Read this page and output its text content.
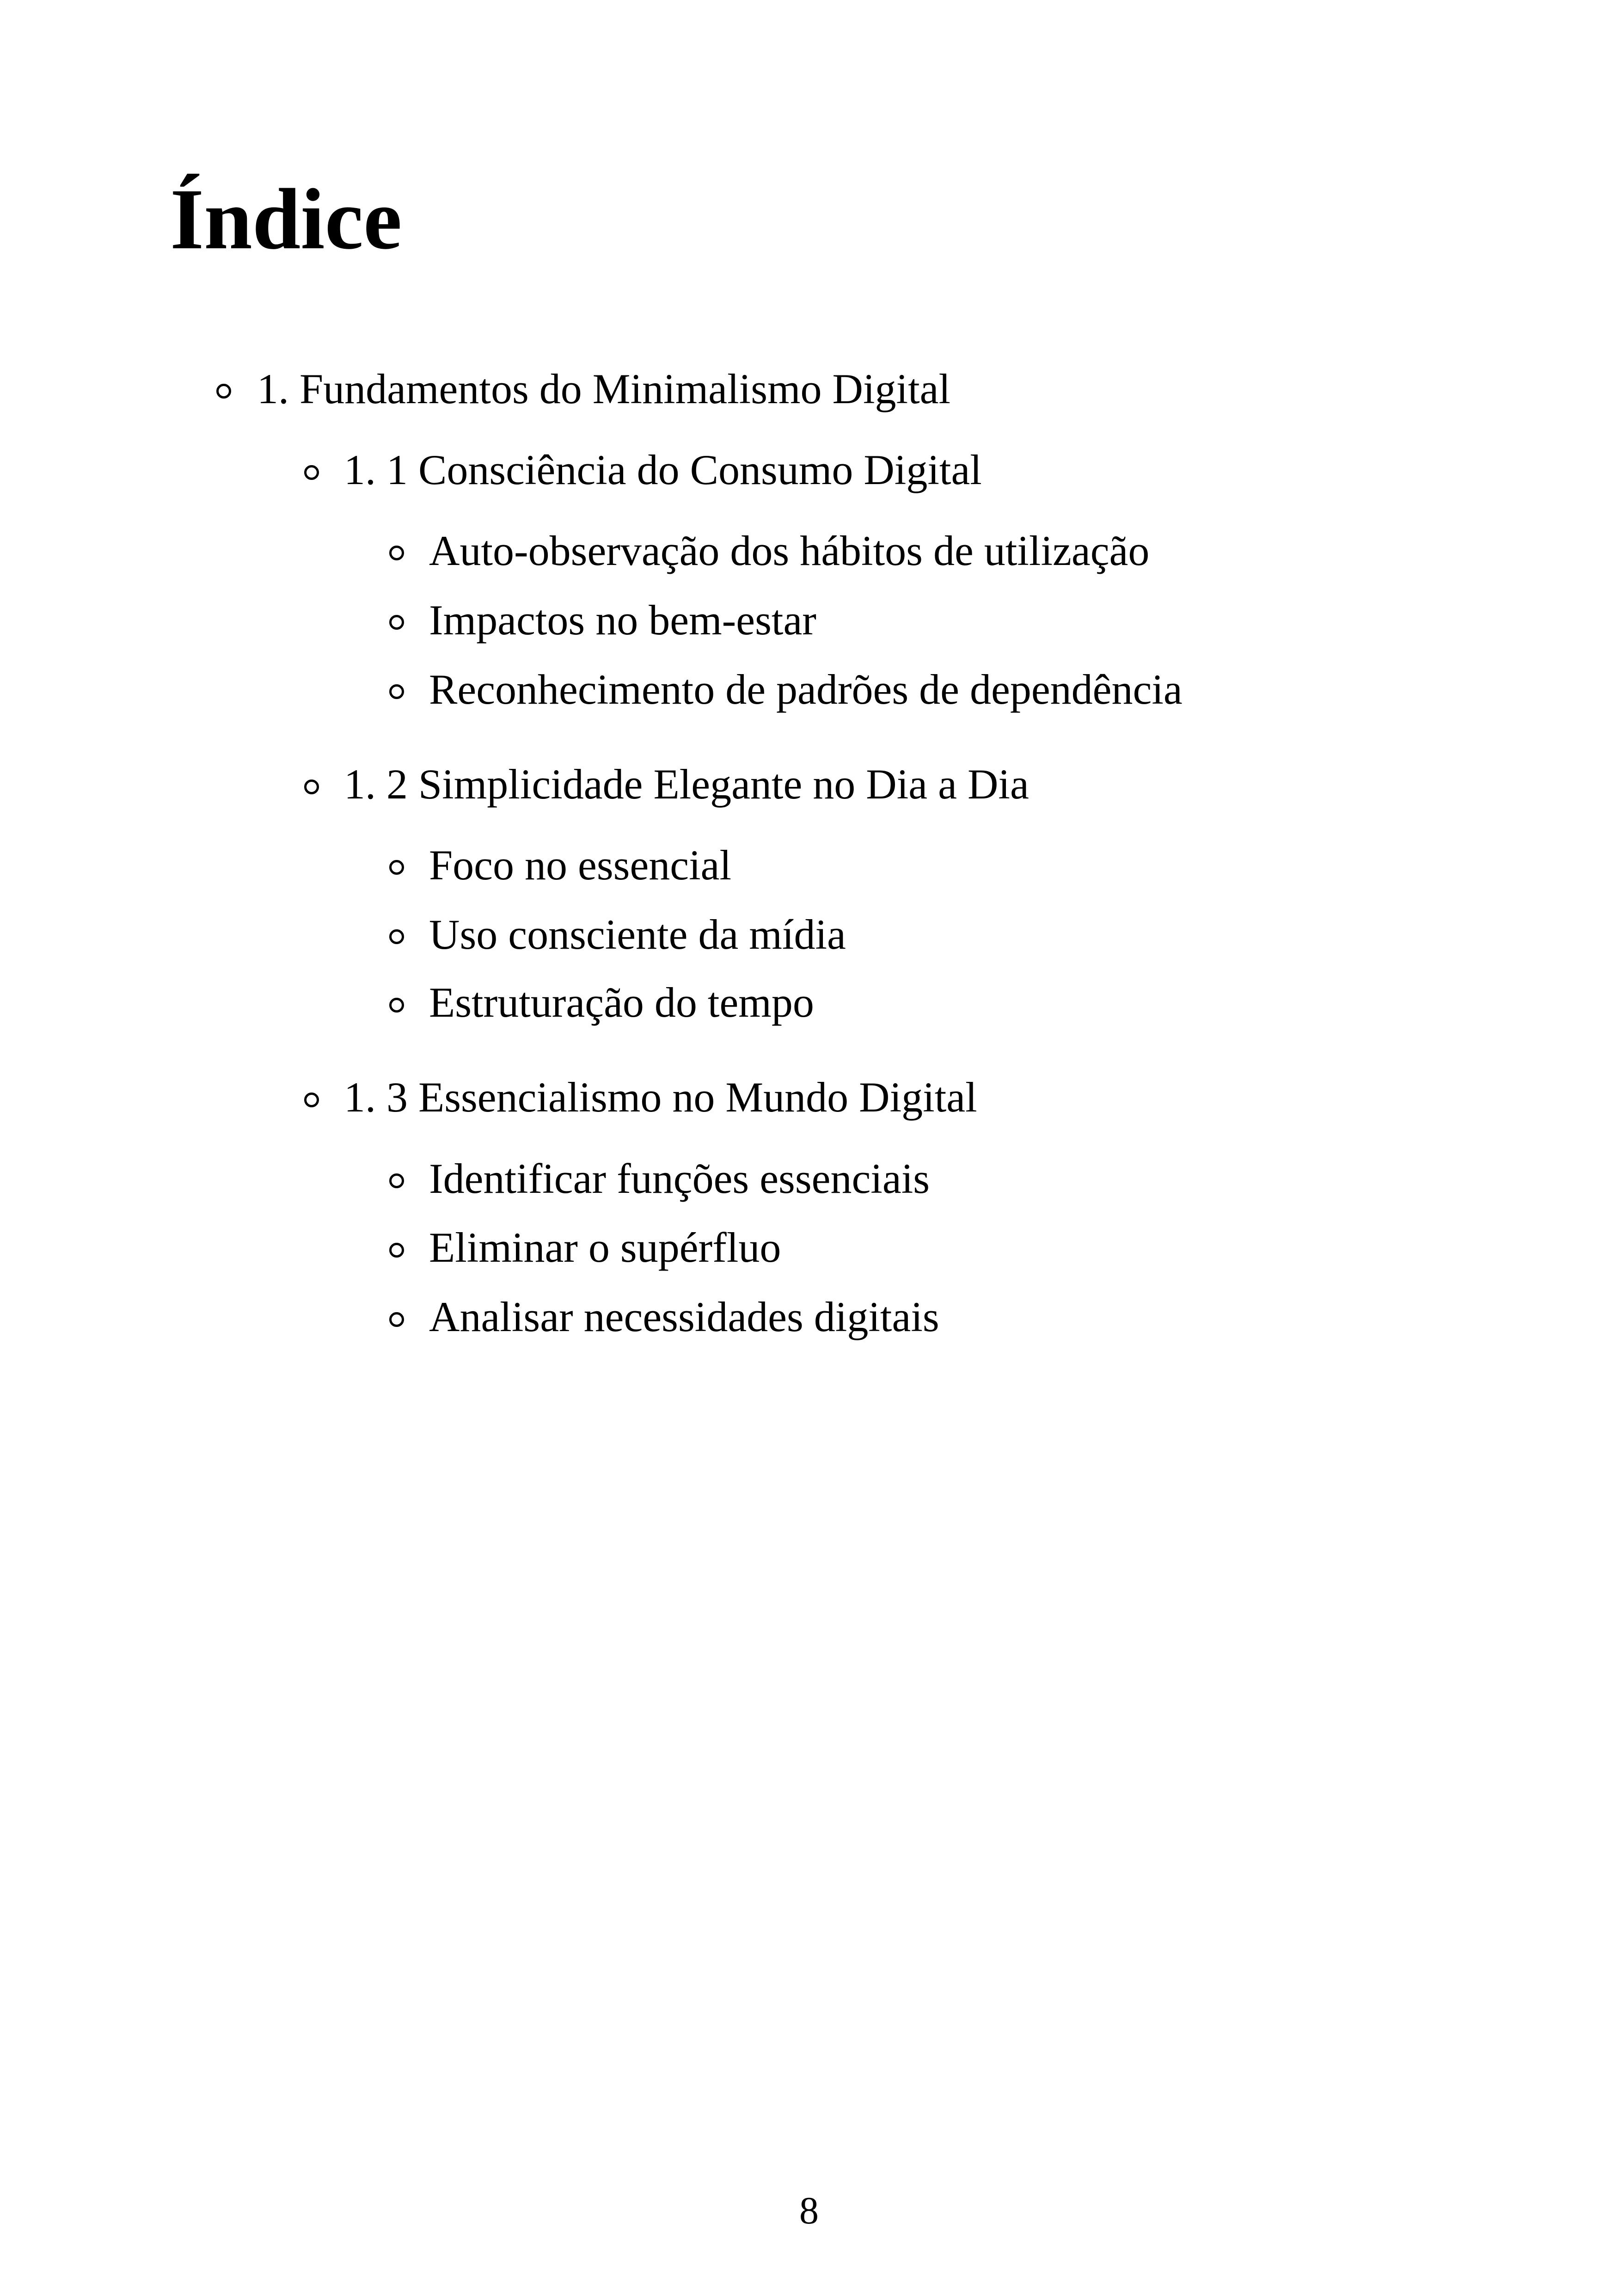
Índice
1. Fundamentos do Minimalismo Digital
1. 1 Consciência do Consumo Digital
Auto-observação dos hábitos de utilização
Impactos no bem-estar
Reconhecimento de padrões de dependência
1. 2 Simplicidade Elegante no Dia a Dia
Foco no essencial
Uso consciente da mídia
Estruturação do tempo
1. 3 Essencialismo no Mundo Digital
Identificar funções essenciais
Eliminar o supérfluo
Analisar necessidades digitais
8
